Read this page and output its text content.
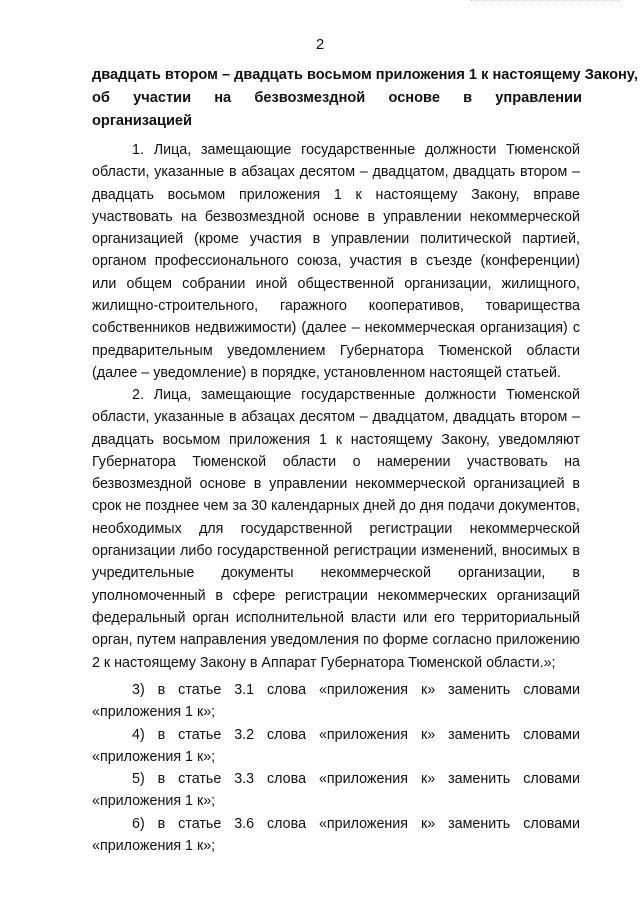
2
двадцать втором – двадцать восьмом приложения 1 к настоящему Закону,
об участии на безвозмездной основе в управлении
организацией

1. Лица, замещающие государственные должности Тюменской области, указанные в абзацах десятом – двадцатом, двадцать втором – двадцать восьмом приложения 1 к настоящему Закону, вправе участвовать на безвозмездной основе в управлении некоммерческой организацией (кроме участия в управлении политической партией, органом профессионального союза, участия в съезде (конференции) или общем собрании иной общественной организации, жилищного, жилищно-строительного, гаражного кооперативов, товарищества собственников недвижимости) (далее – некоммерческая организация) с предварительным уведомлением Губернатора Тюменской области (далее – уведомление) в порядке, установленном настоящей статьей.

2. Лица, замещающие государственные должности Тюменской области, указанные в абзацах десятом – двадцатом, двадцать втором – двадцать восьмом приложения 1 к настоящему Закону, уведомляют Губернатора Тюменской области о намерении участвовать на безвозмездной основе в управлении некоммерческой организацией в срок не позднее чем за 30 календарных дней до дня подачи документов, необходимых для государственной регистрации некоммерческой организации либо государственной регистрации изменений, вносимых в учредительные документы некоммерческой организации, в уполномоченный в сфере регистрации некоммерческих организаций федеральный орган исполнительной власти или его территориальный орган, путем направления уведомления по форме согласно приложению 2 к настоящему Закону в Аппарат Губернатора Тюменской области.»;

3) в статье 3.1 слова «приложения к» заменить словами «приложения 1 к»;

4) в статье 3.2 слова «приложения к» заменить словами «приложения 1 к»;

5) в статье 3.3 слова «приложения к» заменить словами «приложения 1 к»;

6) в статье 3.6 слова «приложения к» заменить словами «приложения 1 к»;
